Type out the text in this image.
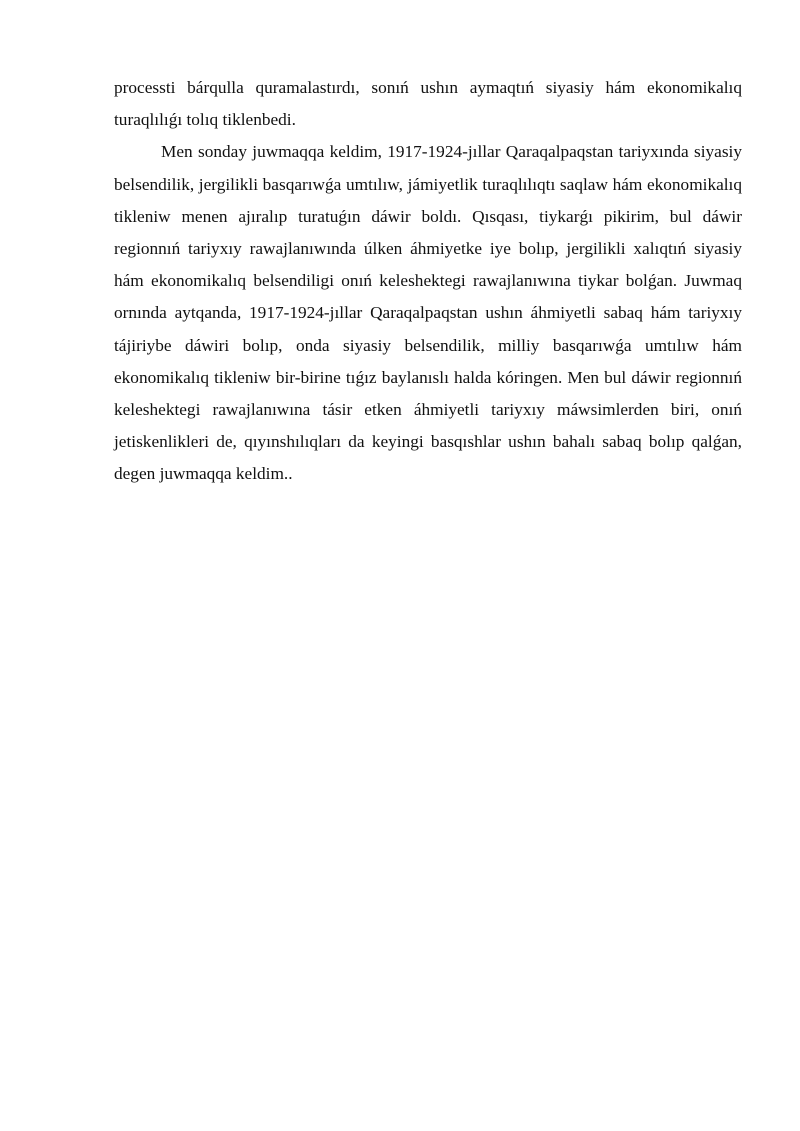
processti bárqulla quramalastırdı, sonıń ushın aymaqtıń siyasiy hám ekonomikalıq turaqlılıǵı tolıq tiklenbedi.

Men sonday juwmaqqa keldim, 1917-1924-jıllar Qaraqalpaqstan tariyxında siyasiy belsendilik, jergilikli basqarıwǵa umtılıw, jámiyetlik turaqlılıqtı saqlaw hám ekonomikalıq tikleniw menen ajıralıp turatuǵın dáwir boldı. Qısqası, tiykarǵı pikirim, bul dáwir regionnıń tariyxıy rawajlanıwında úlken áhmiyetke iye bolıp, jergilikli xalıqtıń siyasiy hám ekonomikalıq belsendiligi onıń keleshektegi rawajlanıwına tiykar bolǵan. Juwmaq ornında aytqanda, 1917-1924-jıllar Qaraqalpaqstan ushın áhmiyetli sabaq hám tariyxıy tájiriybe dáwiri bolıp, onda siyasiy belsendilik, milliy basqarıwǵa umtılıw hám ekonomikalıq tikleniw bir-birine tıǵız baylanıslı halda kóringen. Men bul dáwir regionnıń keleshektegi rawajlanıwına tásir etken áhmiyetli tariyxıy máwsimlerden biri, onıń jetiskenlikleri de, qıyınshılıqları da keyingi basqıshlar ushın bahalı sabaq bolıp qalǵan, degen juwmaqqa keldim..
